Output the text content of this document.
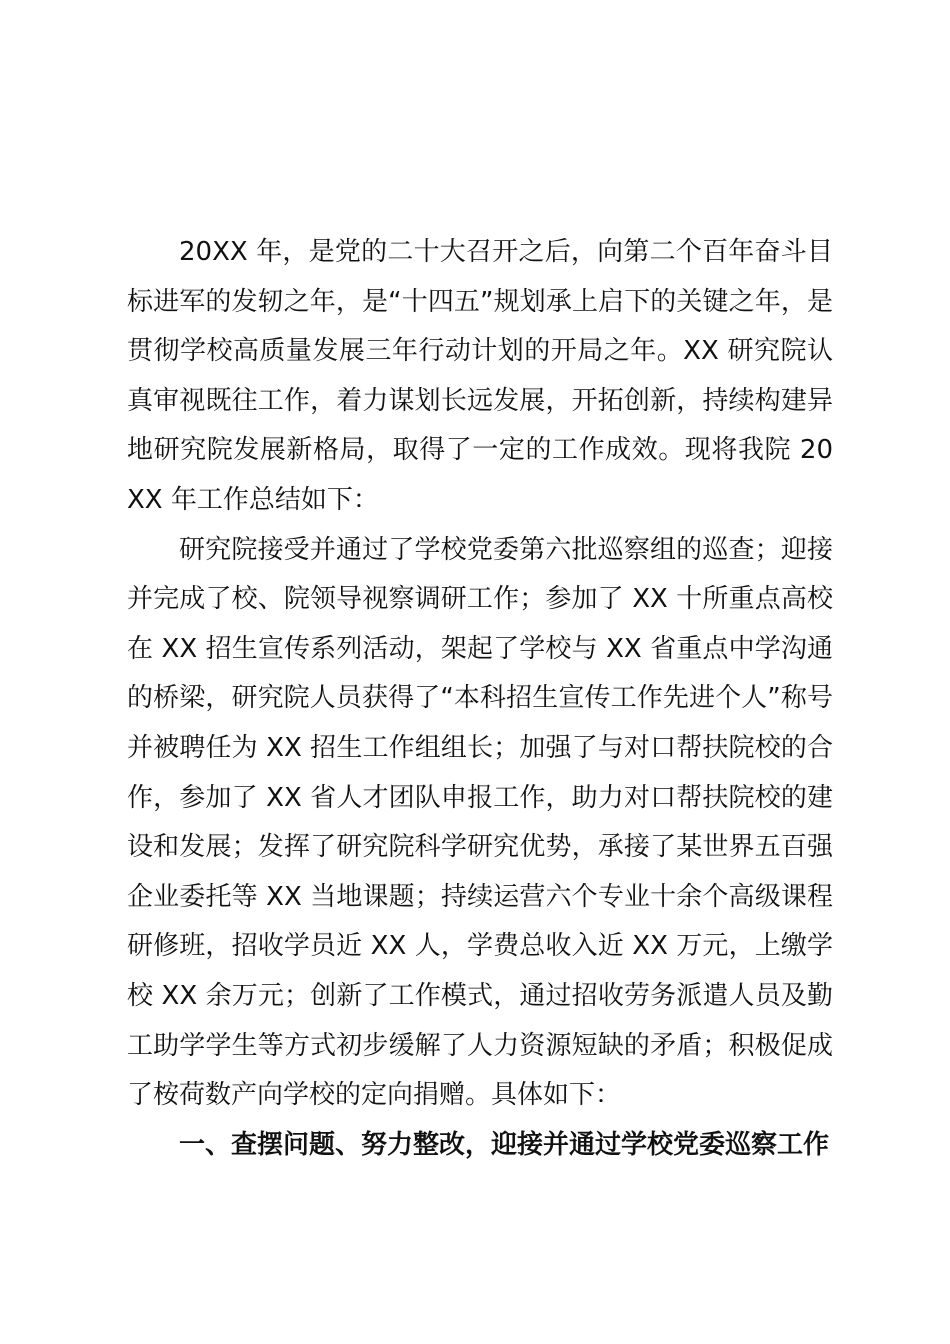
20XX 年，是党的二十大召开之后，向第二个百年奋斗目标进军的发轫之年，是“十四五”规划承上启下的关键之年，是贯彻学校高质量发展三年行动计划的开局之年。XX 研究院认真审视既往工作，着力谋划长远发展，开拓创新，持续构建异地研究院发展新格局，取得了一定的工作成效。现将我院 20XX 年工作总结如下：

研究院接受并通过了学校党委第六批巡察组的巡查；迎接并完成了校、院领导视察调研工作；参加了 XX 十所重点高校在 XX 招生宣传系列活动，架起了学校与 XX 省重点中学沟通的桥梁，研究院人员获得了“本科招生宣传工作先进个人”称号并被聘任为 XX 招生工作组组长；加强了与对口帮扶院校的合作，参加了 XX 省人才团队申报工作，助力对口帮扶院校的建设和发展；发挥了研究院科学研究优势，承接了某世界五百强企业委托等 XX 当地课题；持续运营六个专业十余个高级课程研修班，招收学员近 XX 人，学费总收入近 XX 万元，上缴学校 XX 余万元；创新了工作模式，通过招收劳务派遣人员及勤工助学学生等方式初步缓解了人力资源短缺的矛盾；积极促成了桉荷数产向学校的定向捐赠。具体如下：

一、查摆问题、努力整改，迎接并通过学校党委巡察工作
